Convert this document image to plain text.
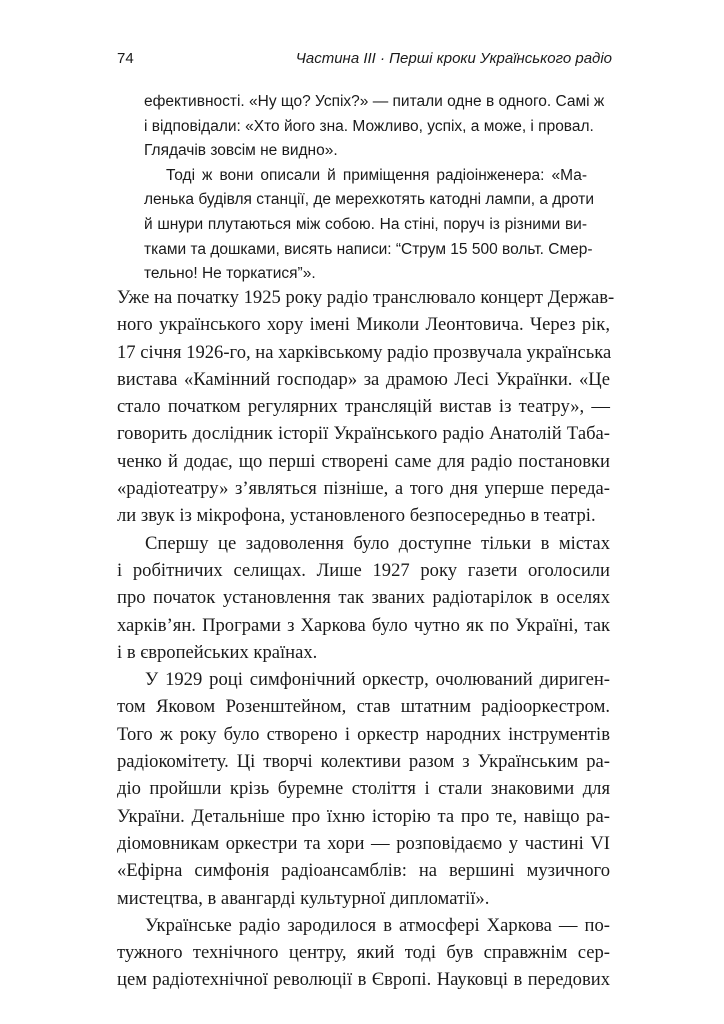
74	Частина III · Перші кроки Українського радіо
ефективності. «Ну що? Успіх?» — питали одне в одного. Самі ж
і відповідали: «Хто його зна. Можливо, успіх, а може, і провал.
Глядачів зовсім не видно».
Тоді ж вони описали й приміщення радіоінженера: «Ма-
ленька будівля станції, де мерехкотять катодні лампи, а дроти
й шнури плутаються між собою. На стіні, поруч із різними ви-
тками та дошками, висять написи: “Струм 15 500 вольт. Смер-
тельно! Не торкатися”».
Уже на початку 1925 року радіо транслювало концерт Держав-
ного українського хору імені Миколи Леонтовича. Через рік,
17 січня 1926-го, на харківському радіо прозвучала українська
вистава «Камінний господар» за драмою Лесі Українки. «Це
стало початком регулярних трансляцій вистав із театру», —
говорить дослідник історії Українського радіо Анатолій Таба-
ченко й додає, що перші створені саме для радіо постановки
«радіотеатру» з’являться пізніше, а того дня уперше переда-
ли звук із мікрофона, установленого безпосередньо в театрі.
Спершу це задоволення було доступне тільки в містах
і робітничих селищах. Лише 1927 року газети оголосили
про початок установлення так званих радіотарілок в оселях
харків’ян. Програми з Харкова було чутно як по Україні, так
і в європейських країнах.
У 1929 році симфонічний оркестр, очолюваний дириген-
том Яковом Розенштейном, став штатним радіооркестром.
Того ж року було створено і оркестр народних інструментів
радіокомітету. Ці творчі колективи разом з Українським ра-
діо пройшли крізь буремне століття і стали знаковими для
України. Детальніше про їхню історію та про те, навіщо ра-
діомовникам оркестри та хори — розповідаємо у частині VI
«Ефірна симфонія радіоансамблів: на вершині музичного
мистецтва, в авангарді культурної дипломатії».
Українське радіо зародилося в атмосфері Харкова — по-
тужного технічного центру, який тоді був справжнім сер-
цем радіотехнічної революції в Європі. Науковці в передових
